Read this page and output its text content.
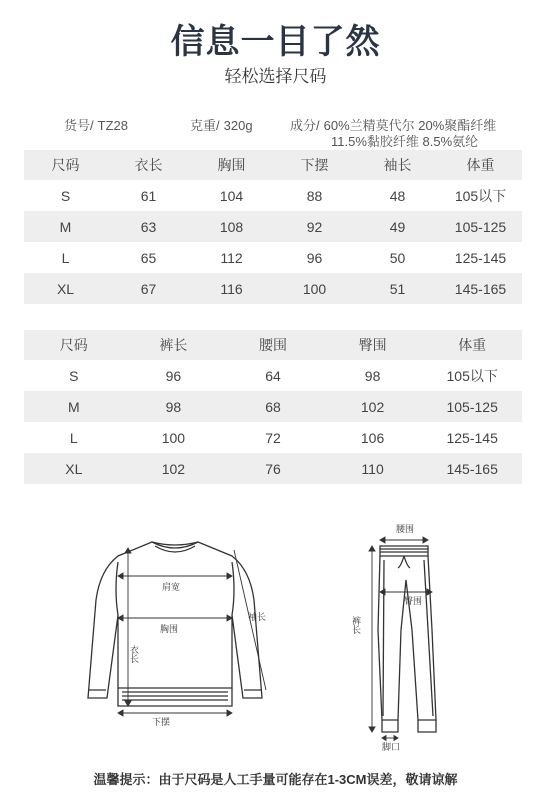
信息一目了然
轻松选择尺码
货号/ TZ28	克重/ 320g	成分/ 60%兰精莫代尔 20%聚酯纤维
11.5%黏胶纤维 8.5%氨纶
尺码	衣长	胸围	下摆	袖长	体重
S	61	104	88	48	105以下
M	63	108	92	49	105-125
L	65	112	96	50	125-145
XL	67	116	100	51	145-165
尺码	裤长	腰围	臀围	体重
S	96	64	98	105以下
M	98	68	102	105-125
L	100	72	106	125-145
XL	102	76	110	145-165
肩宽
胸围
衣长
袖长
下摆
腰围
臀围
裤长
脚口
温馨提示：由于尺码是人工手量可能存在1-3CM误差，敬请谅解
